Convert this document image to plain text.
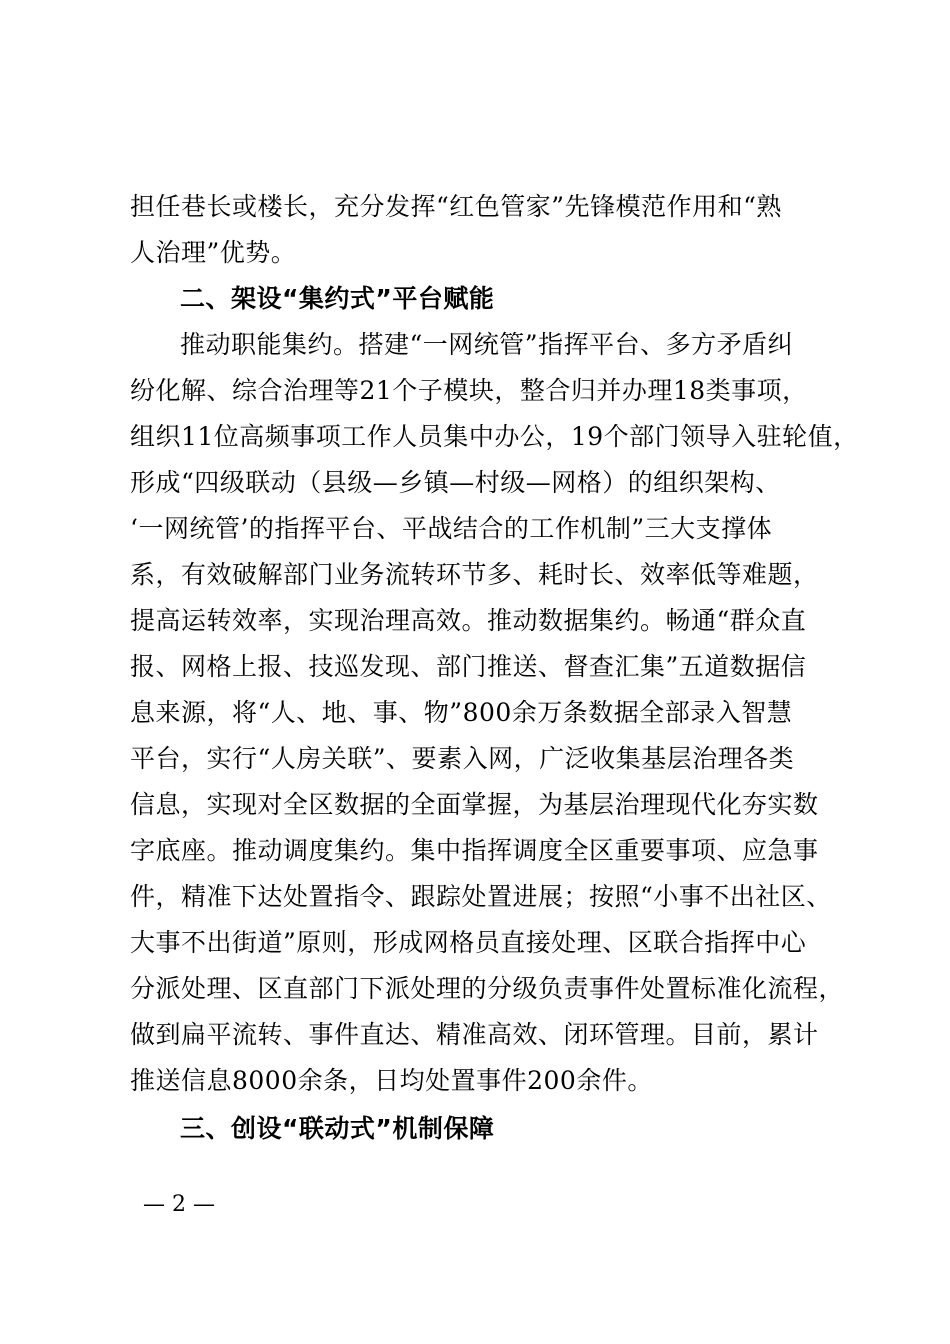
担任巷长或楼长，充分发挥“红色管家”先锋模范作用和“熟
人治理”优势。
二、架设“集约式”平台赋能
推动职能集约。搭建“一网统管”指挥平台、多方矛盾纠
纷化解、综合治理等21个子模块，整合归并办理18类事项，
组织11位高频事项工作人员集中办公，19个部门领导入驻轮值，
形成“四级联动（县级—乡镇—村级—网格）的组织架构、
‘一网统管’的指挥平台、平战结合的工作机制”三大支撑体
系，有效破解部门业务流转环节多、耗时长、效率低等难题，
提高运转效率，实现治理高效。推动数据集约。畅通“群众直
报、网格上报、技巡发现、部门推送、督查汇集”五道数据信
息来源，将“人、地、事、物”800余万条数据全部录入智慧
平台，实行“人房关联”、要素入网，广泛收集基层治理各类
信息，实现对全区数据的全面掌握，为基层治理现代化夯实数
字底座。推动调度集约。集中指挥调度全区重要事项、应急事
件，精准下达处置指令、跟踪处置进展；按照“小事不出社区、
大事不出街道”原则，形成网格员直接处理、区联合指挥中心
分派处理、区直部门下派处理的分级负责事件处置标准化流程，
做到扁平流转、事件直达、精准高效、闭环管理。目前，累计
推送信息8000余条，日均处置事件200余件。
三、创设“联动式”机制保障
— 2 —
